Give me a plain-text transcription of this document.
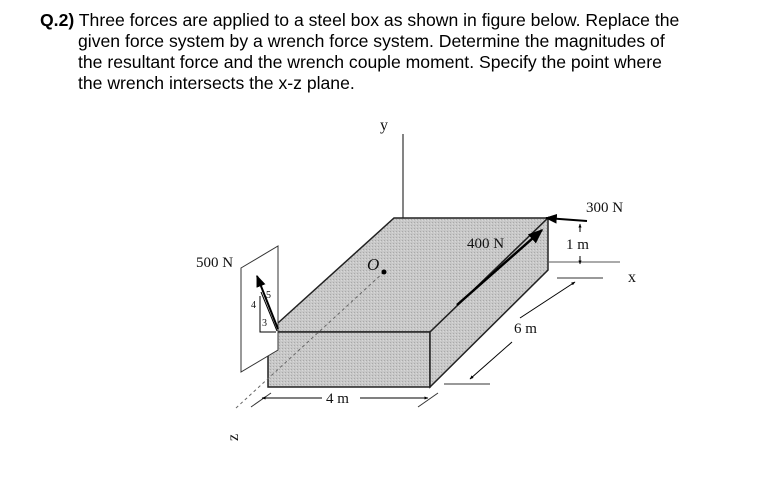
Q.2) Three forces are applied to a steel box as shown in figure below. Replace the
given force system by a wrench force system. Determine the magnitudes of
the resultant force and the wrench couple moment. Specify the point where
the wrench intersects the x-z plane.
O
4
5
3
500 N
400 N
300 N
1 m
4 m
6 m
y
x
z
